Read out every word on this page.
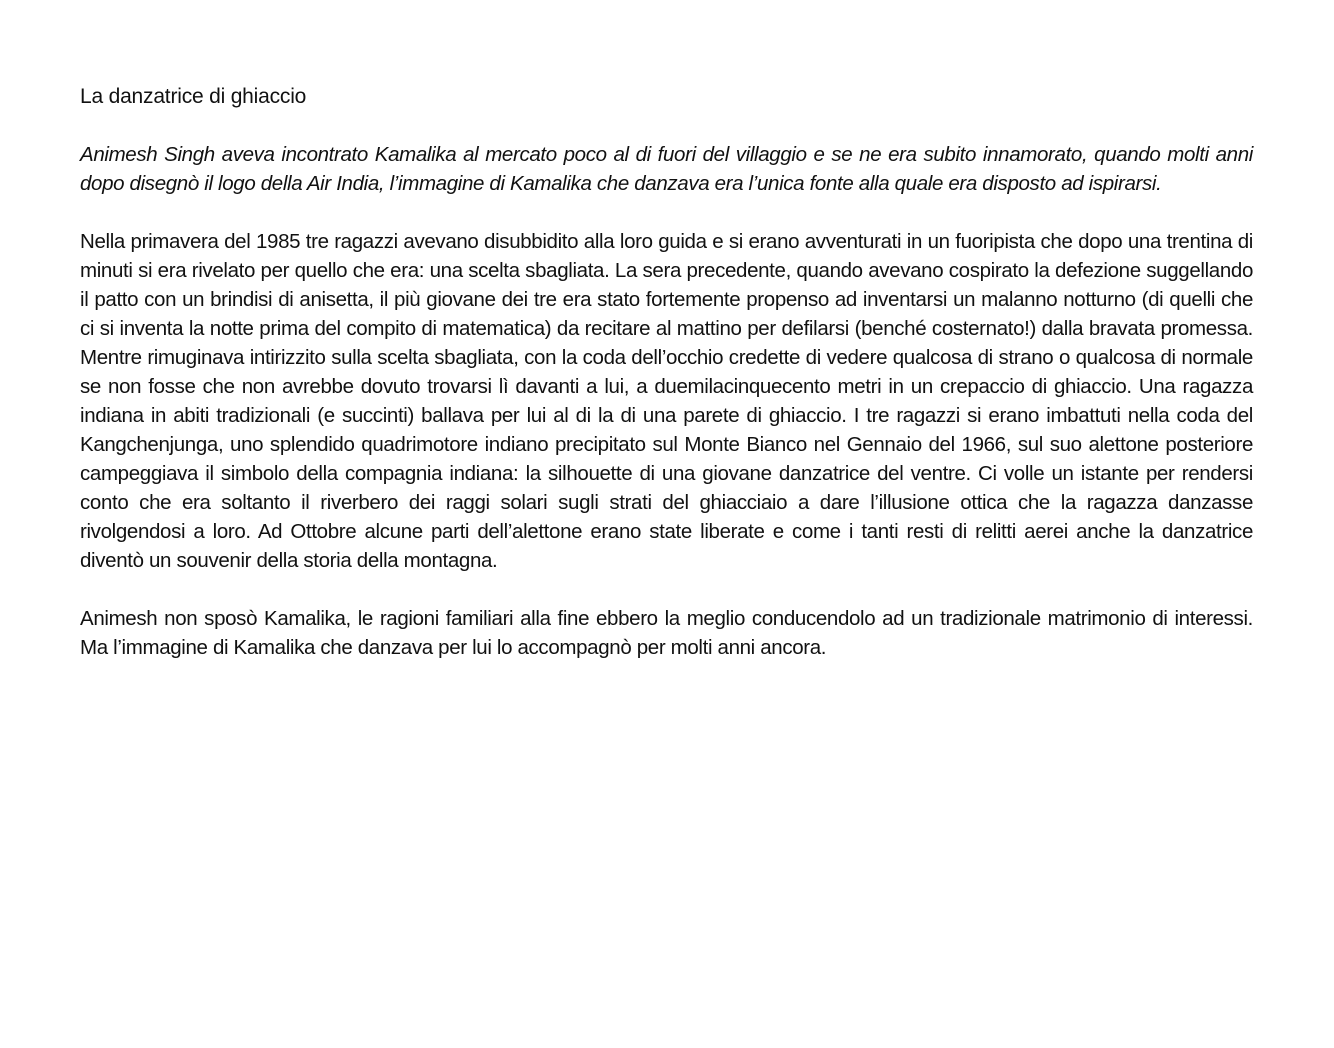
La danzatrice di ghiaccio

Animesh Singh aveva incontrato Kamalika al mercato poco al di fuori del villaggio e se ne era subito innamorato, quando molti anni dopo disegnò il logo della Air India, l’immagine di Kamalika che danzava era l’unica fonte alla quale era disposto ad ispirarsi.

Nella primavera del 1985 tre ragazzi avevano disubbidito alla loro guida e si erano avventurati in un fuoripista che dopo una trentina di minuti si era rivelato per quello che era: una scelta sbagliata. La sera precedente, quando avevano cospirato la defezione suggellando il patto con un brindisi di anisetta, il più giovane dei tre era stato fortemente propenso ad inventarsi un malanno notturno (di quelli che ci si inventa la notte prima del compito di matematica) da recitare al mattino per defilarsi (benché costernato!) dalla bravata promessa. Mentre rimuginava intirizzito sulla scelta sbagliata, con la coda dell’occhio credette di vedere qualcosa di strano o qualcosa di normale se non fosse che non avrebbe dovuto trovarsi lì davanti a lui, a duemilacinquecento metri in un crepaccio di ghiaccio. Una ragazza indiana in abiti tradizionali (e succinti) ballava per lui al di la di una parete di ghiaccio. I tre ragazzi si erano imbattuti nella coda del Kangchenjunga, uno splendido quadrimotore indiano precipitato sul Monte Bianco nel Gennaio del 1966, sul suo alettone posteriore campeggiava il simbolo della compagnia indiana: la silhouette di una giovane danzatrice del ventre. Ci volle un istante per rendersi conto che era soltanto il riverbero dei raggi solari sugli strati del ghiacciaio a dare l’illusione ottica che la ragazza danzasse rivolgendosi a loro. Ad Ottobre alcune parti dell’alettone erano state liberate e come i tanti resti di relitti aerei anche la danzatrice diventò un souvenir della storia della montagna.

Animesh non sposò Kamalika, le ragioni familiari alla fine ebbero la meglio conducendolo ad un tradizionale matrimonio di interessi. Ma l’immagine di Kamalika che danzava per lui lo accompagnò per molti anni ancora.
